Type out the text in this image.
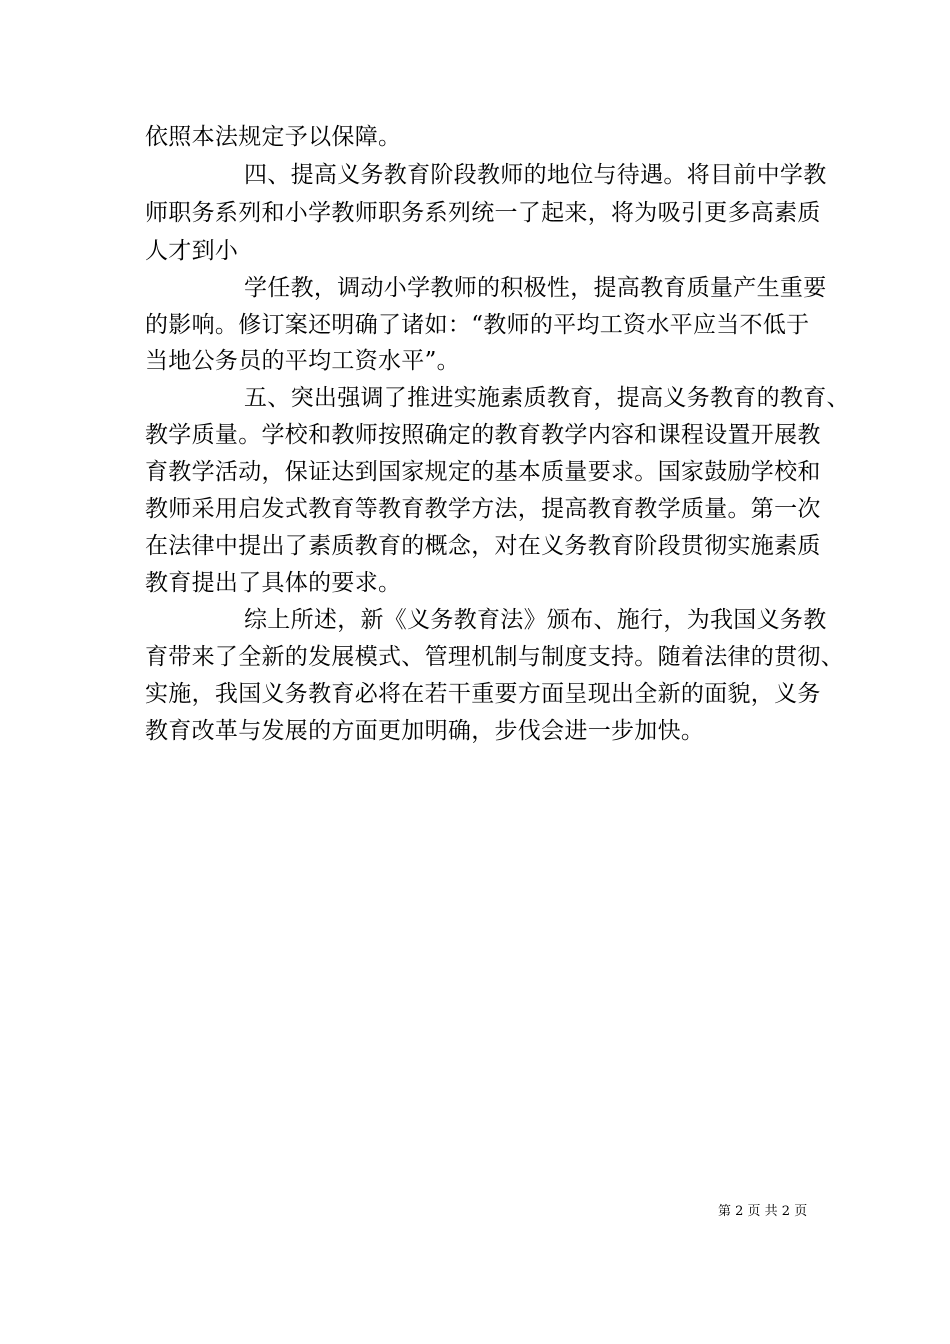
依照本法规定予以保障。
四、提高义务教育阶段教师的地位与待遇。将目前中学教
师职务系列和小学教师职务系列统一了起来，将为吸引更多高素质
人才到小
学任教，调动小学教师的积极性，提高教育质量产生重要
的影响。修订案还明确了诸如：“教师的平均工资水平应当不低于
当地公务员的平均工资水平”。
五、突出强调了推进实施素质教育，提高义务教育的教育、
教学质量。学校和教师按照确定的教育教学内容和课程设置开展教
育教学活动，保证达到国家规定的基本质量要求。国家鼓励学校和
教师采用启发式教育等教育教学方法，提高教育教学质量。第一次
在法律中提出了素质教育的概念，对在义务教育阶段贯彻实施素质
教育提出了具体的要求。
综上所述，新《义务教育法》颁布、施行，为我国义务教
育带来了全新的发展模式、管理机制与制度支持。随着法律的贯彻、
实施，我国义务教育必将在若干重要方面呈现出全新的面貌，义务
教育改革与发展的方面更加明确，步伐会进一步加快。
第 2 页 共 2 页
